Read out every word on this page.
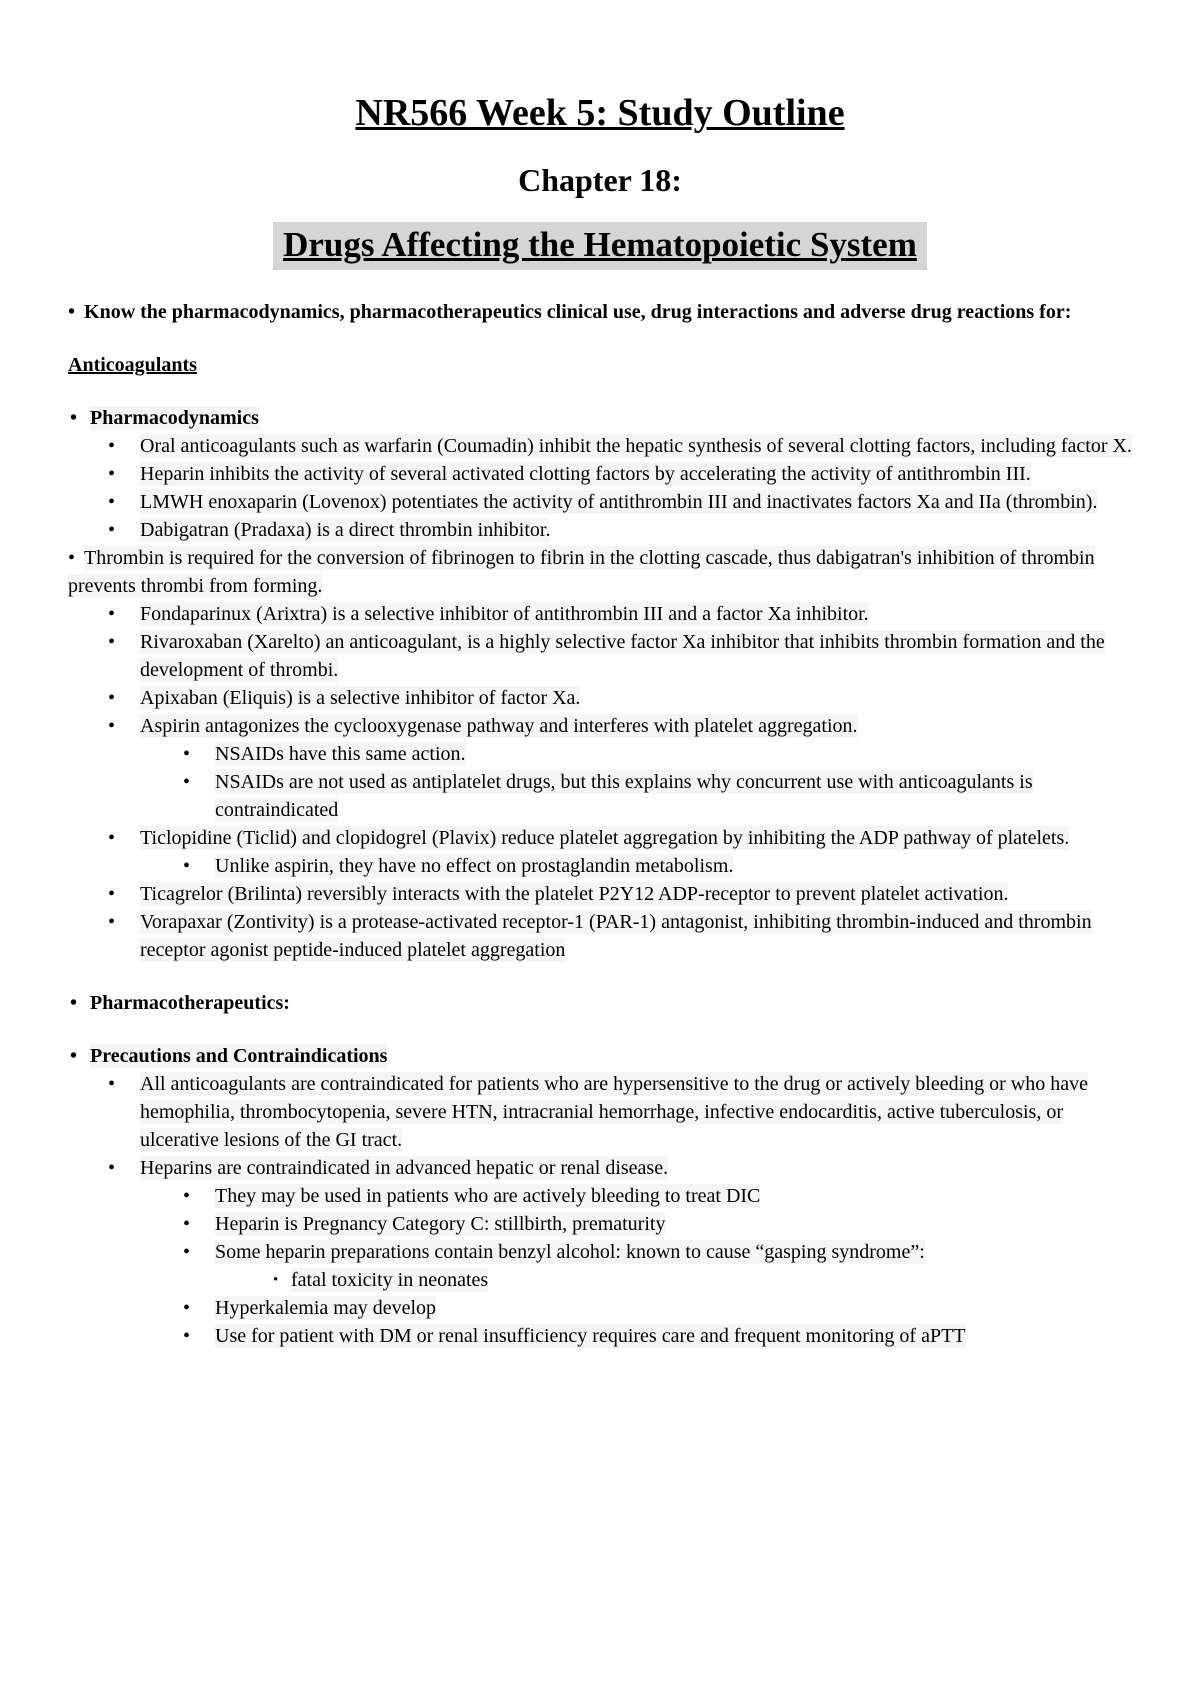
NR566 Week 5: Study Outline
Chapter 18:
Drugs Affecting the Hematopoietic System
• Know the pharmacodynamics, pharmacotherapeutics clinical use, drug interactions and adverse drug reactions for:
Anticoagulants
• Pharmacodynamics
• Oral anticoagulants such as warfarin (Coumadin) inhibit the hepatic synthesis of several clotting factors, including factor X.
• Heparin inhibits the activity of several activated clotting factors by accelerating the activity of antithrombin III.
• LMWH enoxaparin (Lovenox) potentiates the activity of antithrombin III and inactivates factors Xa and IIa (thrombin).
• Dabigatran (Pradaxa) is a direct thrombin inhibitor.
• Thrombin is required for the conversion of fibrinogen to fibrin in the clotting cascade, thus dabigatran's inhibition of thrombin prevents thrombi from forming.
• Fondaparinux (Arixtra) is a selective inhibitor of antithrombin III and a factor Xa inhibitor.
• Rivaroxaban (Xarelto) an anticoagulant, is a highly selective factor Xa inhibitor that inhibits thrombin formation and the development of thrombi.
• Apixaban (Eliquis) is a selective inhibitor of factor Xa.
• Aspirin antagonizes the cyclooxygenase pathway and interferes with platelet aggregation.
• NSAIDs have this same action.
• NSAIDs are not used as antiplatelet drugs, but this explains why concurrent use with anticoagulants is contraindicated
• Ticlopidine (Ticlid) and clopidogrel (Plavix) reduce platelet aggregation by inhibiting the ADP pathway of platelets.
• Unlike aspirin, they have no effect on prostaglandin metabolism.
• Ticagrelor (Brilinta) reversibly interacts with the platelet P2Y12 ADP-receptor to prevent platelet activation.
• Vorapaxar (Zontivity) is a protease-activated receptor-1 (PAR-1) antagonist, inhibiting thrombin-induced and thrombin receptor agonist peptide-induced platelet aggregation
• Pharmacotherapeutics:
• Precautions and Contraindications
• All anticoagulants are contraindicated for patients who are hypersensitive to the drug or actively bleeding or who have hemophilia, thrombocytopenia, severe HTN, intracranial hemorrhage, infective endocarditis, active tuberculosis, or ulcerative lesions of the GI tract.
• Heparins are contraindicated in advanced hepatic or renal disease.
• They may be used in patients who are actively bleeding to treat DIC
• Heparin is Pregnancy Category C: stillbirth, prematurity
• Some heparin preparations contain benzyl alcohol: known to cause “gasping syndrome”:
• fatal toxicity in neonates
• Hyperkalemia may develop
• Use for patient with DM or renal insufficiency requires care and frequent monitoring of aPTT
